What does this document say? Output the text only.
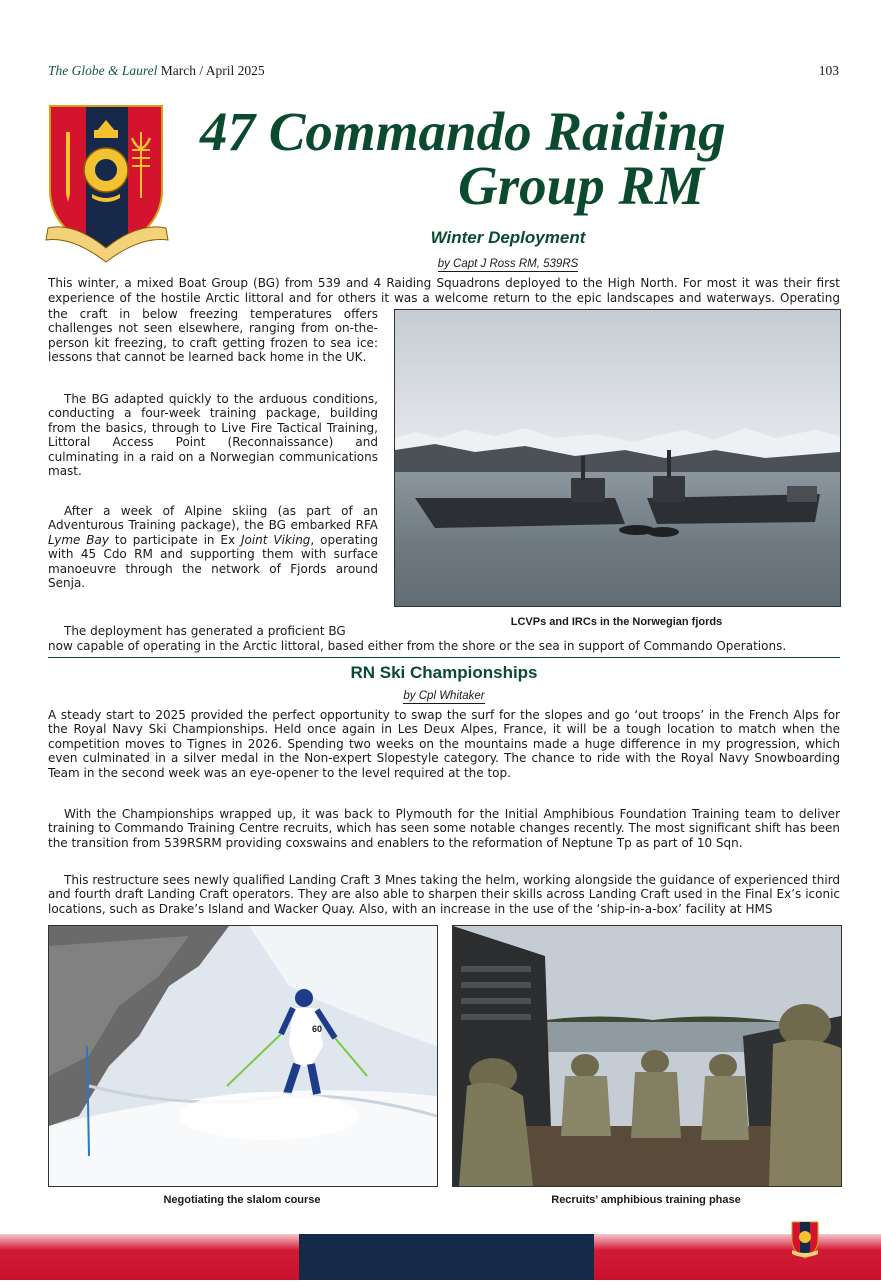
The Globe & Laurel March / April 2025	103
47 Commando Raiding
Group RM
Winter Deployment
by Capt J Ross RM, 539RS
This winter, a mixed Boat Group (BG) from 539 and 4 Raiding Squadrons deployed to the High North. For most it was their first
experience of the hostile Arctic littoral and for others it was a welcome return to the epic landscapes and waterways. Operating
the craft in below freezing temperatures offers challenges not seen elsewhere, ranging from on-the-person kit freezing, to craft getting frozen to sea ice: lessons that cannot be learned back home in the UK.
The BG adapted quickly to the arduous conditions, conducting a four-week training package, building from the basics, through to Live Fire Tactical Training, Littoral Access Point (Reconnaissance) and culminating in a raid on a Norwegian communications mast.
After a week of Alpine skiing (as part of an Adventurous Training package), the BG embarked RFA Lyme Bay to participate in Ex Joint Viking, operating with 45 Cdo RM and supporting them with surface manoeuvre through the network of Fjords around Senja.
The deployment has generated a proficient BG
now capable of operating in the Arctic littoral, based either from the shore or the sea in support of Commando Operations.
LCVPs and IRCs in the Norwegian fjords
RN Ski Championships
by Cpl Whitaker
A steady start to 2025 provided the perfect opportunity to swap the surf for the slopes and go ‘out troops’ in the French Alps for the Royal Navy Ski Championships. Held once again in Les Deux Alpes, France, it will be a tough location to match when the competition moves to Tignes in 2026. Spending two weeks on the mountains made a huge difference in my progression, which even culminated in a silver medal in the Non-expert Slopestyle category. The chance to ride with the Royal Navy Snowboarding Team in the second week was an eye-opener to the level required at the top.
With the Championships wrapped up, it was back to Plymouth for the Initial Amphibious Foundation Training team to deliver training to Commando Training Centre recruits, which has seen some notable changes recently. The most significant shift has been the transition from 539RSRM providing coxswains and enablers to the reformation of Neptune Tp as part of 10 Sqn.
This restructure sees newly qualified Landing Craft 3 Mnes taking the helm, working alongside the guidance of experienced third and fourth draft Landing Craft operators. They are also able to sharpen their skills across Landing Craft used in the Final Ex’s iconic locations, such as Drake’s Island and Wacker Quay. Also, with an increase in the use of the ‘ship-in-a-box’ facility at HMS
60
Negotiating the slalom course	Recruits’ amphibious training phase
